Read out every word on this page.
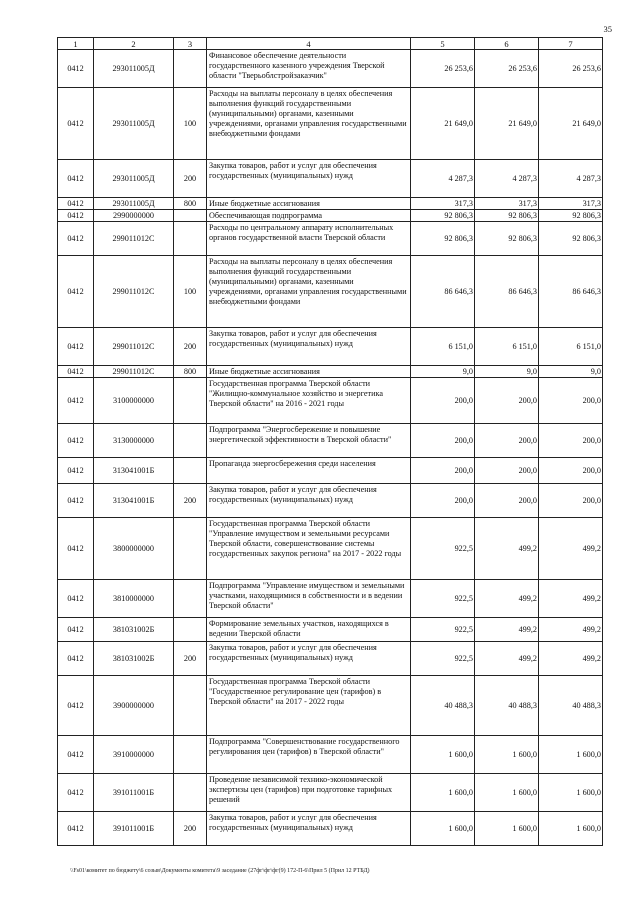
35
1	2	3	4	5	6	7
0412	293011005Д		Финансовое обеспечение деятельности государственного казенного учреждения Тверской области "Тверьоблстройзаказчик"	26 253,6	26 253,6	26 253,6
0412	293011005Д	100	Расходы на выплаты персоналу в целях обеспечения выполнения функций государственными (муниципальными) органами, казенными учреждениями, органами управления государственными внебюджетными фондами	21 649,0	21 649,0	21 649,0
0412	293011005Д	200	Закупка товаров, работ и услуг для обеспечения государственных (муниципальных) нужд	4 287,3	4 287,3	4 287,3
0412	293011005Д	800	Иные бюджетные ассигнования	317,3	317,3	317,3
0412	2990000000		Обеспечивающая подпрограмма	92 806,3	92 806,3	92 806,3
0412	299011012С		Расходы по центральному аппарату исполнительных органов государственной власти Тверской области	92 806,3	92 806,3	92 806,3
0412	299011012С	100	Расходы на выплаты персоналу в целях обеспечения выполнения функций государственными (муниципальными) органами, казенными учреждениями, органами управления государственными внебюджетными фондами	86 646,3	86 646,3	86 646,3
0412	299011012С	200	Закупка товаров, работ и услуг для обеспечения государственных (муниципальных) нужд	6 151,0	6 151,0	6 151,0
0412	299011012С	800	Иные бюджетные ассигнования	9,0	9,0	9,0
0412	3100000000		Государственная программа Тверской области "Жилищно-коммунальное хозяйство и энергетика Тверской области" на 2016 - 2021 годы	200,0	200,0	200,0
0412	3130000000		Подпрограмма "Энергосбережение и повышение энергетической эффективности в Тверской области"	200,0	200,0	200,0
0412	313041001Б		Пропаганда энергосбережения среди населения	200,0	200,0	200,0
0412	313041001Б	200	Закупка товаров, работ и услуг для обеспечения государственных (муниципальных) нужд	200,0	200,0	200,0
0412	3800000000		Государственная программа Тверской области "Управление имуществом и земельными ресурсами Тверской области, совершенствование системы государственных закупок региона" на 2017 - 2022 годы	922,5	499,2	499,2
0412	3810000000		Подпрограмма "Управление имуществом и земельными участками, находящимися в собственности и в ведении Тверской области"	922,5	499,2	499,2
0412	381031002Б		Формирование земельных участков, находящихся в ведении Тверской области	922,5	499,2	499,2
0412	381031002Б	200	Закупка товаров, работ и услуг для обеспечения государственных (муниципальных) нужд	922,5	499,2	499,2
0412	3900000000		Государственная программа Тверской области "Государственное регулирование цен (тарифов) в Тверской области" на 2017 - 2022 годы	40 488,3	40 488,3	40 488,3
0412	3910000000		Подпрограмма "Совершенствование государственного регулирования цен (тарифов) в Тверской области"	1 600,0	1 600,0	1 600,0
0412	391011001Б		Проведение независимой технико-экономической экспертизы цен (тарифов) при подготовке тарифных решений	1 600,0	1 600,0	1 600,0
0412	391011001Б	200	Закупка товаров, работ и услуг для обеспечения государственных (муниципальных) нужд	1 600,0	1 600,0	1 600,0
\\Fs01\комитет по бюджету\6 созыв\Документы комитета\9 заседание (27фг\фг\фг(9) 172-П-6\Прил 5 (Прил 12 РТБД)
